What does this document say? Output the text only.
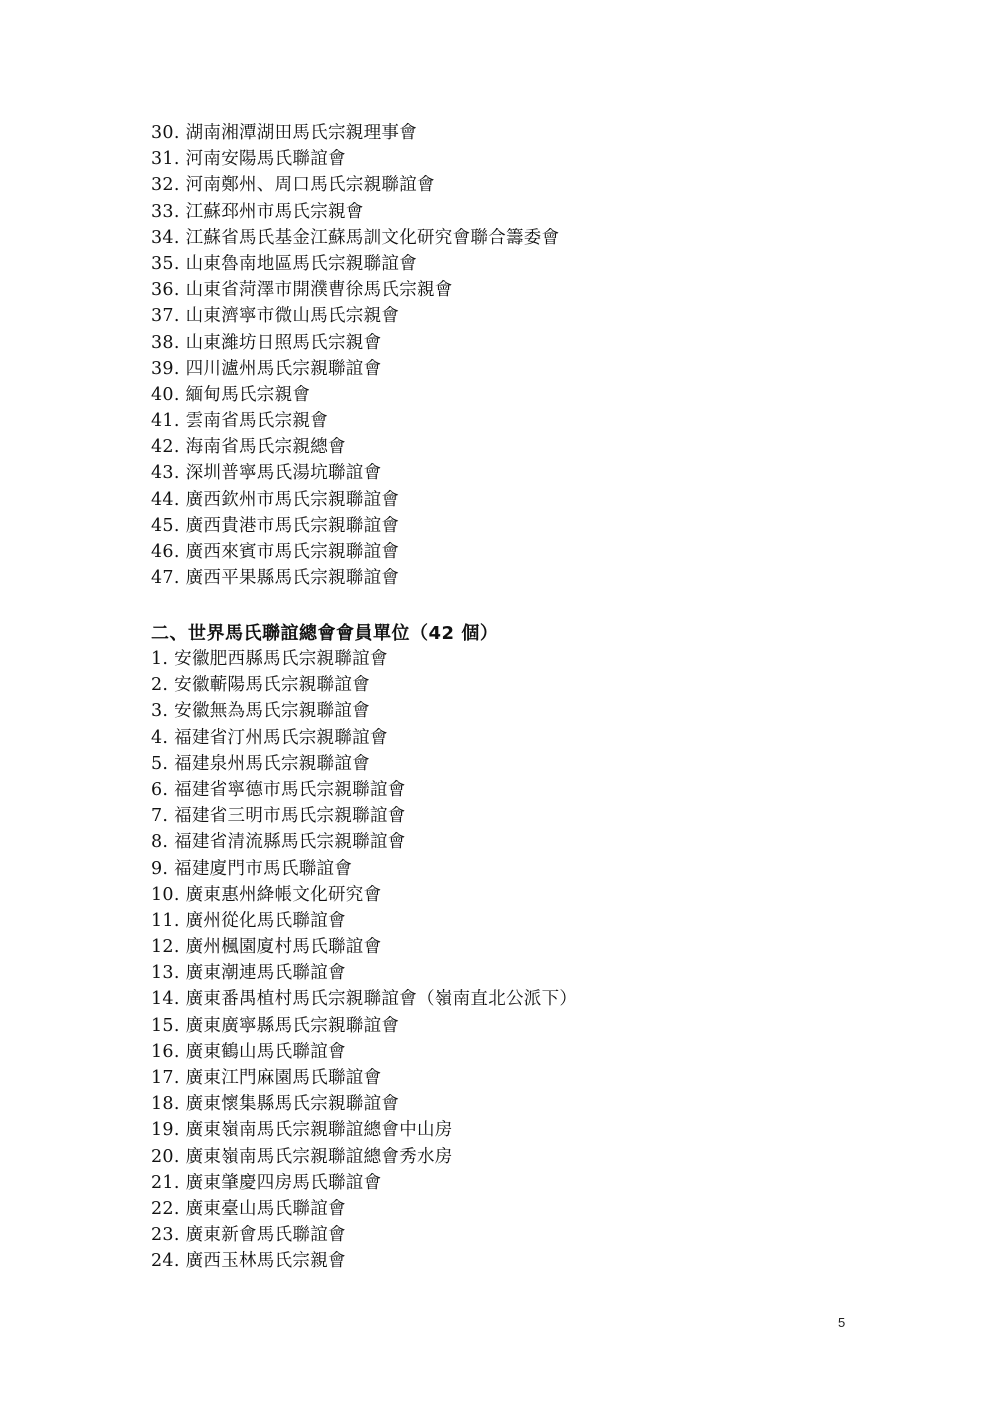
30. 湖南湘潭湖田馬氏宗親理事會
31. 河南安陽馬氏聯誼會
32. 河南鄭州、周口馬氏宗親聯誼會
33. 江蘇邳州市馬氏宗親會
34. 江蘇省馬氏基金江蘇馬訓文化研究會聯合籌委會
35. 山東魯南地區馬氏宗親聯誼會
36. 山東省菏澤市開濮曹徐馬氏宗親會
37. 山東濟寧市微山馬氏宗親會
38. 山東濰坊日照馬氏宗親會
39. 四川瀘州馬氏宗親聯誼會
40. 緬甸馬氏宗親會
41. 雲南省馬氏宗親會
42. 海南省馬氏宗親總會
43. 深圳普寧馬氏湯坑聯誼會
44. 廣西欽州市馬氏宗親聯誼會
45. 廣西貴港市馬氏宗親聯誼會
46. 廣西來賓市馬氏宗親聯誼會
47. 廣西平果縣馬氏宗親聯誼會
二、世界馬氏聯誼總會會員單位（42 個）
1. 安徽肥西縣馬氏宗親聯誼會
2. 安徽蘄陽馬氏宗親聯誼會
3. 安徽無為馬氏宗親聯誼會
4. 福建省汀州馬氏宗親聯誼會
5. 福建泉州馬氏宗親聯誼會
6. 福建省寧德市馬氏宗親聯誼會
7. 福建省三明市馬氏宗親聯誼會
8. 福建省清流縣馬氏宗親聯誼會
9. 福建廈門市馬氏聯誼會
10. 廣東惠州絳帳文化研究會
11. 廣州從化馬氏聯誼會
12. 廣州楓園廈村馬氏聯誼會
13. 廣東潮連馬氏聯誼會
14. 廣東番禺植村馬氏宗親聯誼會（嶺南直北公派下）
15. 廣東廣寧縣馬氏宗親聯誼會
16. 廣東鶴山馬氏聯誼會
17. 廣東江門麻園馬氏聯誼會
18. 廣東懷集縣馬氏宗親聯誼會
19. 廣東嶺南馬氏宗親聯誼總會中山房
20. 廣東嶺南馬氏宗親聯誼總會秀水房
21. 廣東肇慶四房馬氏聯誼會
22. 廣東臺山馬氏聯誼會
23. 廣東新會馬氏聯誼會
24. 廣西玉林馬氏宗親會
5
